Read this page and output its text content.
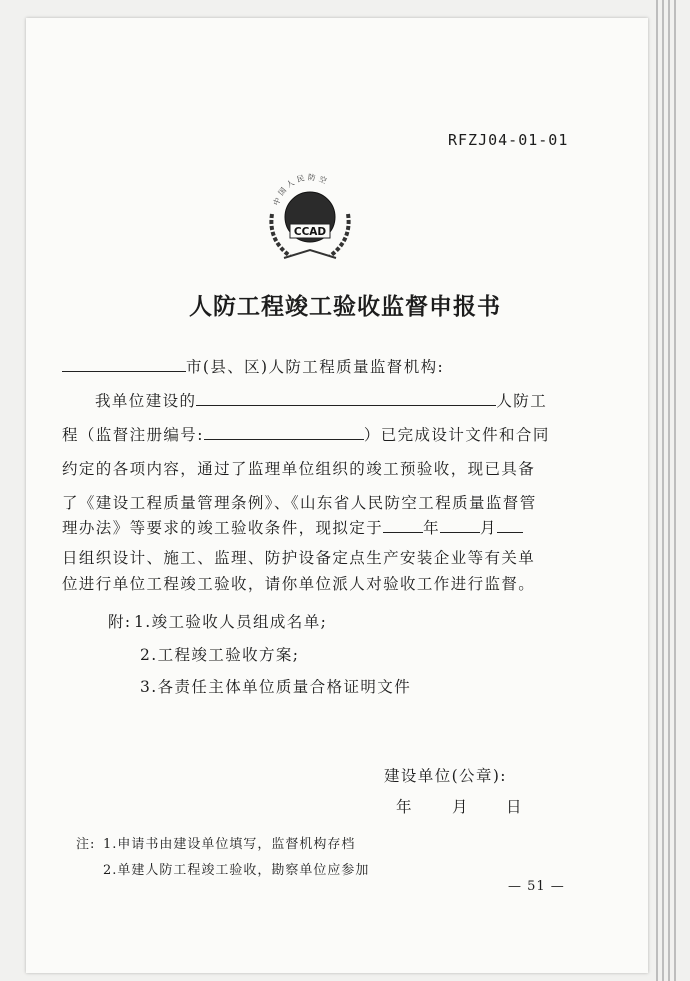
RFZJ04-01-01
中国人民防空
CCAD
人防工程竣工验收监督申报书
市(县、区)人防工程质量监督机构:
我单位建设的	人防工
程（监督注册编号:	）已完成设计文件和合同
约定的各项内容，通过了监理单位组织的竣工预验收，现已具备
了《建设工程质量管理条例》、《山东省人民防空工程质量监督管
理办法》等要求的竣工验收条件，现拟定于	年	月
日组织设计、施工、监理、防护设备定点生产安装企业等有关单
位进行单位工程竣工验收，请你单位派人对验收工作进行监督。
附: 1.竣工验收人员组成名单;
2.工程竣工验收方案;
3.各责任主体单位质量合格证明文件
建设单位(公章):
年	月 日
注: 1.申请书由建设单位填写，监督机构存档
2.单建人防工程竣工验收，勘察单位应参加
— 51 —
